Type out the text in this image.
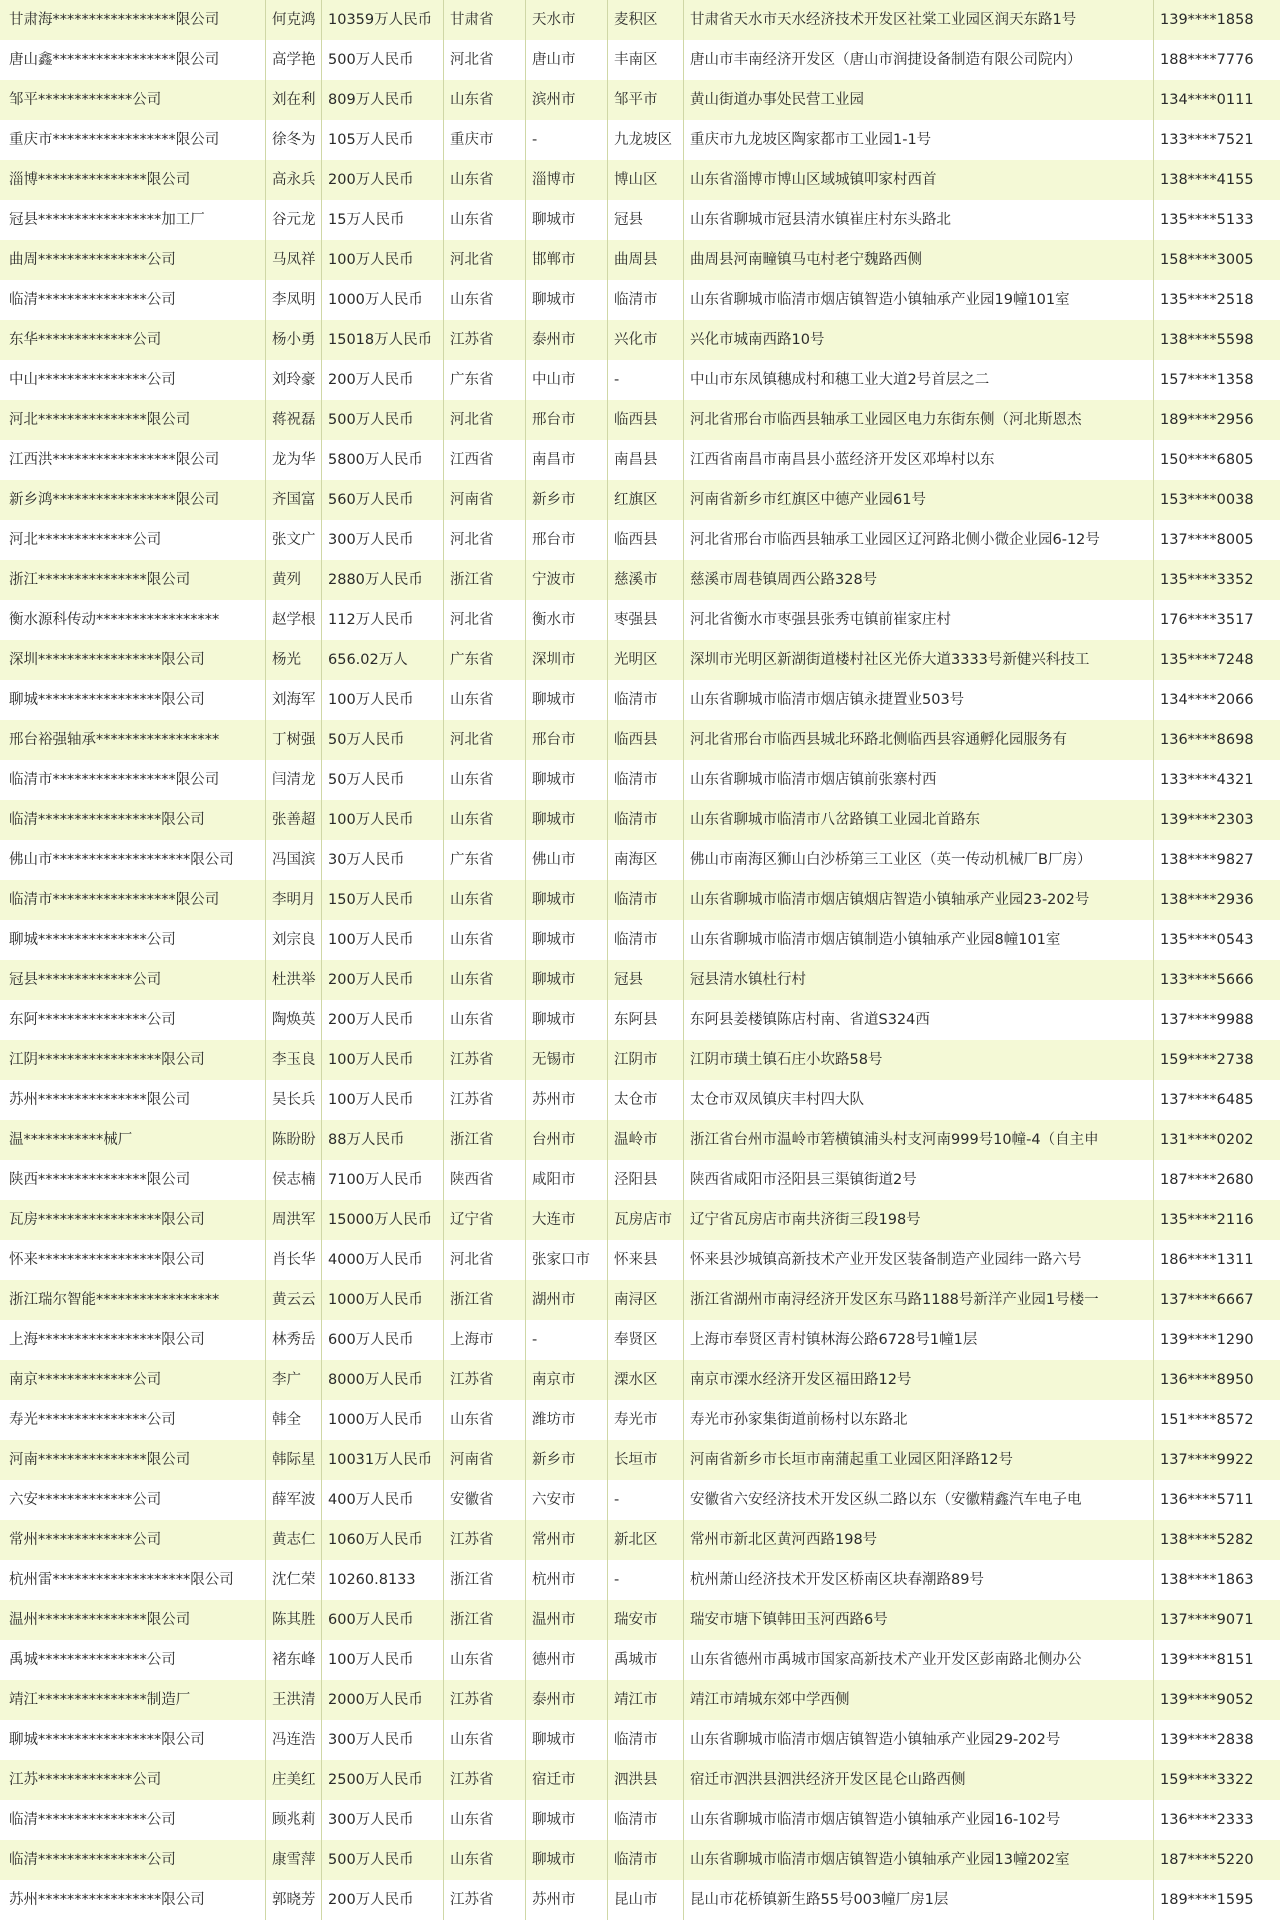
甘肃海*****************限公司	何克鸿 10359万人民币	甘肃省	天水市	麦积区	甘肃省天水市天水经济技术开发区社棠工业园区润天东路1号	139****1858
唐山鑫*****************限公司	高学艳 500万人民币	河北省	唐山市	丰南区	唐山市丰南经济开发区（唐山市润捷设备制造有限公司院内）	188****7776
邹平*************公司	刘在利 809万人民币	山东省	滨州市	邹平市	黄山街道办事处民营工业园	134****0111
重庆市*****************限公司	徐冬为 105万人民币	重庆市	-	九龙坡区	重庆市九龙坡区陶家都市工业园1-1号	133****7521
淄博***************限公司	高永兵 200万人民币	山东省	淄博市	博山区	山东省淄博市博山区域城镇叩家村西首	138****4155
冠县*****************加工厂	谷元龙 15万人民币	山东省	聊城市	冠县	山东省聊城市冠县清水镇崔庄村东头路北	135****5133
曲周***************公司	马凤祥 100万人民币	河北省	邯郸市	曲周县	曲周县河南疃镇马屯村老宁魏路西侧	158****3005
临清***************公司	李凤明 1000万人民币	山东省	聊城市	临清市	山东省聊城市临清市烟店镇智造小镇轴承产业园19幢101室	135****2518
东华*************公司	杨小勇 15018万人民币	江苏省	泰州市	兴化市	兴化市城南西路10号	138****5598
中山***************公司	刘玲豪 200万人民币	广东省	中山市	-	中山市东凤镇穗成村和穗工业大道2号首层之二	157****1358
河北***************限公司	蒋祝磊 500万人民币	河北省	邢台市	临西县	河北省邢台市临西县轴承工业园区电力东街东侧（河北斯恩杰	189****2956
江西洪*****************限公司	龙为华 5800万人民币	江西省	南昌市	南昌县	江西省南昌市南昌县小蓝经济开发区邓埠村以东	150****6805
新乡鸿*****************限公司	齐国富 560万人民币	河南省	新乡市	红旗区	河南省新乡市红旗区中德产业园61号	153****0038
河北*************公司	张文广 300万人民币	河北省	邢台市	临西县	河北省邢台市临西县轴承工业园区辽河路北侧小微企业园6-12号	137****8005
浙江***************限公司	黄列	2880万人民币	浙江省	宁波市	慈溪市	慈溪市周巷镇周西公路328号	135****3352
衡水源科传动*****************	赵学根 112万人民币	河北省	衡水市	枣强县	河北省衡水市枣强县张秀屯镇前崔家庄村	176****3517
深圳*****************限公司	杨光	656.02万人	广东省	深圳市	光明区	深圳市光明区新湖街道楼村社区光侨大道3333号新健兴科技工	135****7248
聊城*****************限公司	刘海军 100万人民币	山东省	聊城市	临清市	山东省聊城市临清市烟店镇永捷置业503号	134****2066
邢台裕强轴承*****************	丁树强 50万人民币	河北省	邢台市	临西县	河北省邢台市临西县城北环路北侧临西县容通孵化园服务有	136****8698
临清市*****************限公司	闫清龙 50万人民币	山东省	聊城市	临清市	山东省聊城市临清市烟店镇前张寨村西	133****4321
临清*****************限公司	张善超 100万人民币	山东省	聊城市	临清市	山东省聊城市临清市八岔路镇工业园北首路东	139****2303
佛山市*******************限公司	冯国滨 30万人民币	广东省	佛山市	南海区	佛山市南海区狮山白沙桥第三工业区（英一传动机械厂B厂房）	138****9827
临清市*****************限公司	李明月 150万人民币	山东省	聊城市	临清市	山东省聊城市临清市烟店镇烟店智造小镇轴承产业园23-202号	138****2936
聊城***************公司	刘宗良 100万人民币	山东省	聊城市	临清市	山东省聊城市临清市烟店镇制造小镇轴承产业园8幢101室	135****0543
冠县*************公司	杜洪举 200万人民币	山东省	聊城市	冠县	冠县清水镇杜行村	133****5666
东阿***************公司	陶焕英 200万人民币	山东省	聊城市	东阿县	东阿县姜楼镇陈店村南、省道S324西	137****9988
江阴*****************限公司	李玉良 100万人民币	江苏省	无锡市	江阴市	江阴市璜土镇石庄小坎路58号	159****2738
苏州***************限公司	吴长兵 100万人民币	江苏省	苏州市	太仓市	太仓市双凤镇庆丰村四大队	137****6485
温***********械厂	陈盼盼 88万人民币	浙江省	台州市	温岭市	浙江省台州市温岭市箬横镇浦头村支河南999号10幢-4（自主申	131****0202
陕西***************限公司	侯志楠 7100万人民币	陕西省	咸阳市	泾阳县	陕西省咸阳市泾阳县三渠镇街道2号	187****2680
瓦房*****************限公司	周洪军 15000万人民币	辽宁省	大连市	瓦房店市	辽宁省瓦房店市南共济街三段198号	135****2116
怀来*****************限公司	肖长华 4000万人民币	河北省	张家口市	怀来县	怀来县沙城镇高新技术产业开发区装备制造产业园纬一路六号	186****1311
浙江瑞尔智能*****************	黄云云 1000万人民币	浙江省	湖州市	南浔区	浙江省湖州市南浔经济开发区东马路1188号新洋产业园1号楼一	137****6667
上海*****************限公司	林秀岳 600万人民币	上海市	-	奉贤区	上海市奉贤区青村镇林海公路6728号1幢1层	139****1290
南京*************公司	李广	8000万人民币	江苏省	南京市	溧水区	南京市溧水经济开发区福田路12号	136****8950
寿光***************公司	韩全	1000万人民币	山东省	潍坊市	寿光市	寿光市孙家集街道前杨村以东路北	151****8572
河南***************限公司	韩际星 10031万人民币	河南省	新乡市	长垣市	河南省新乡市长垣市南蒲起重工业园区阳泽路12号	137****9922
六安*************公司	薛军波 400万人民币	安徽省	六安市	-	安徽省六安经济技术开发区纵二路以东（安徽精鑫汽车电子电	136****5711
常州*************公司	黄志仁 1060万人民币	江苏省	常州市	新北区	常州市新北区黄河西路198号	138****5282
杭州雷*******************限公司	沈仁荣 10260.8133	浙江省	杭州市	-	杭州萧山经济技术开发区桥南区块春潮路89号	138****1863
温州***************限公司	陈其胜 600万人民币	浙江省	温州市	瑞安市	瑞安市塘下镇韩田玉河西路6号	137****9071
禹城***************公司	褚东峰 100万人民币	山东省	德州市	禹城市	山东省德州市禹城市国家高新技术产业开发区彭南路北侧办公	139****8151
靖江***************制造厂	王洪清 2000万人民币	江苏省	泰州市	靖江市	靖江市靖城东郊中学西侧	139****9052
聊城*****************限公司	冯连浩 300万人民币	山东省	聊城市	临清市	山东省聊城市临清市烟店镇智造小镇轴承产业园29-202号	139****2838
江苏*************公司	庄美红 2500万人民币	江苏省	宿迁市	泗洪县	宿迁市泗洪县泗洪经济开发区昆仑山路西侧	159****3322
临清***************公司	顾兆莉 300万人民币	山东省	聊城市	临清市	山东省聊城市临清市烟店镇智造小镇轴承产业园16-102号	136****2333
临清***************公司	康雪萍 500万人民币	山东省	聊城市	临清市	山东省聊城市临清市烟店镇智造小镇轴承产业园13幢202室	187****5220
苏州*****************限公司	郭晓芳 200万人民币	江苏省	苏州市	昆山市	昆山市花桥镇新生路55号003幢厂房1层	189****1595
